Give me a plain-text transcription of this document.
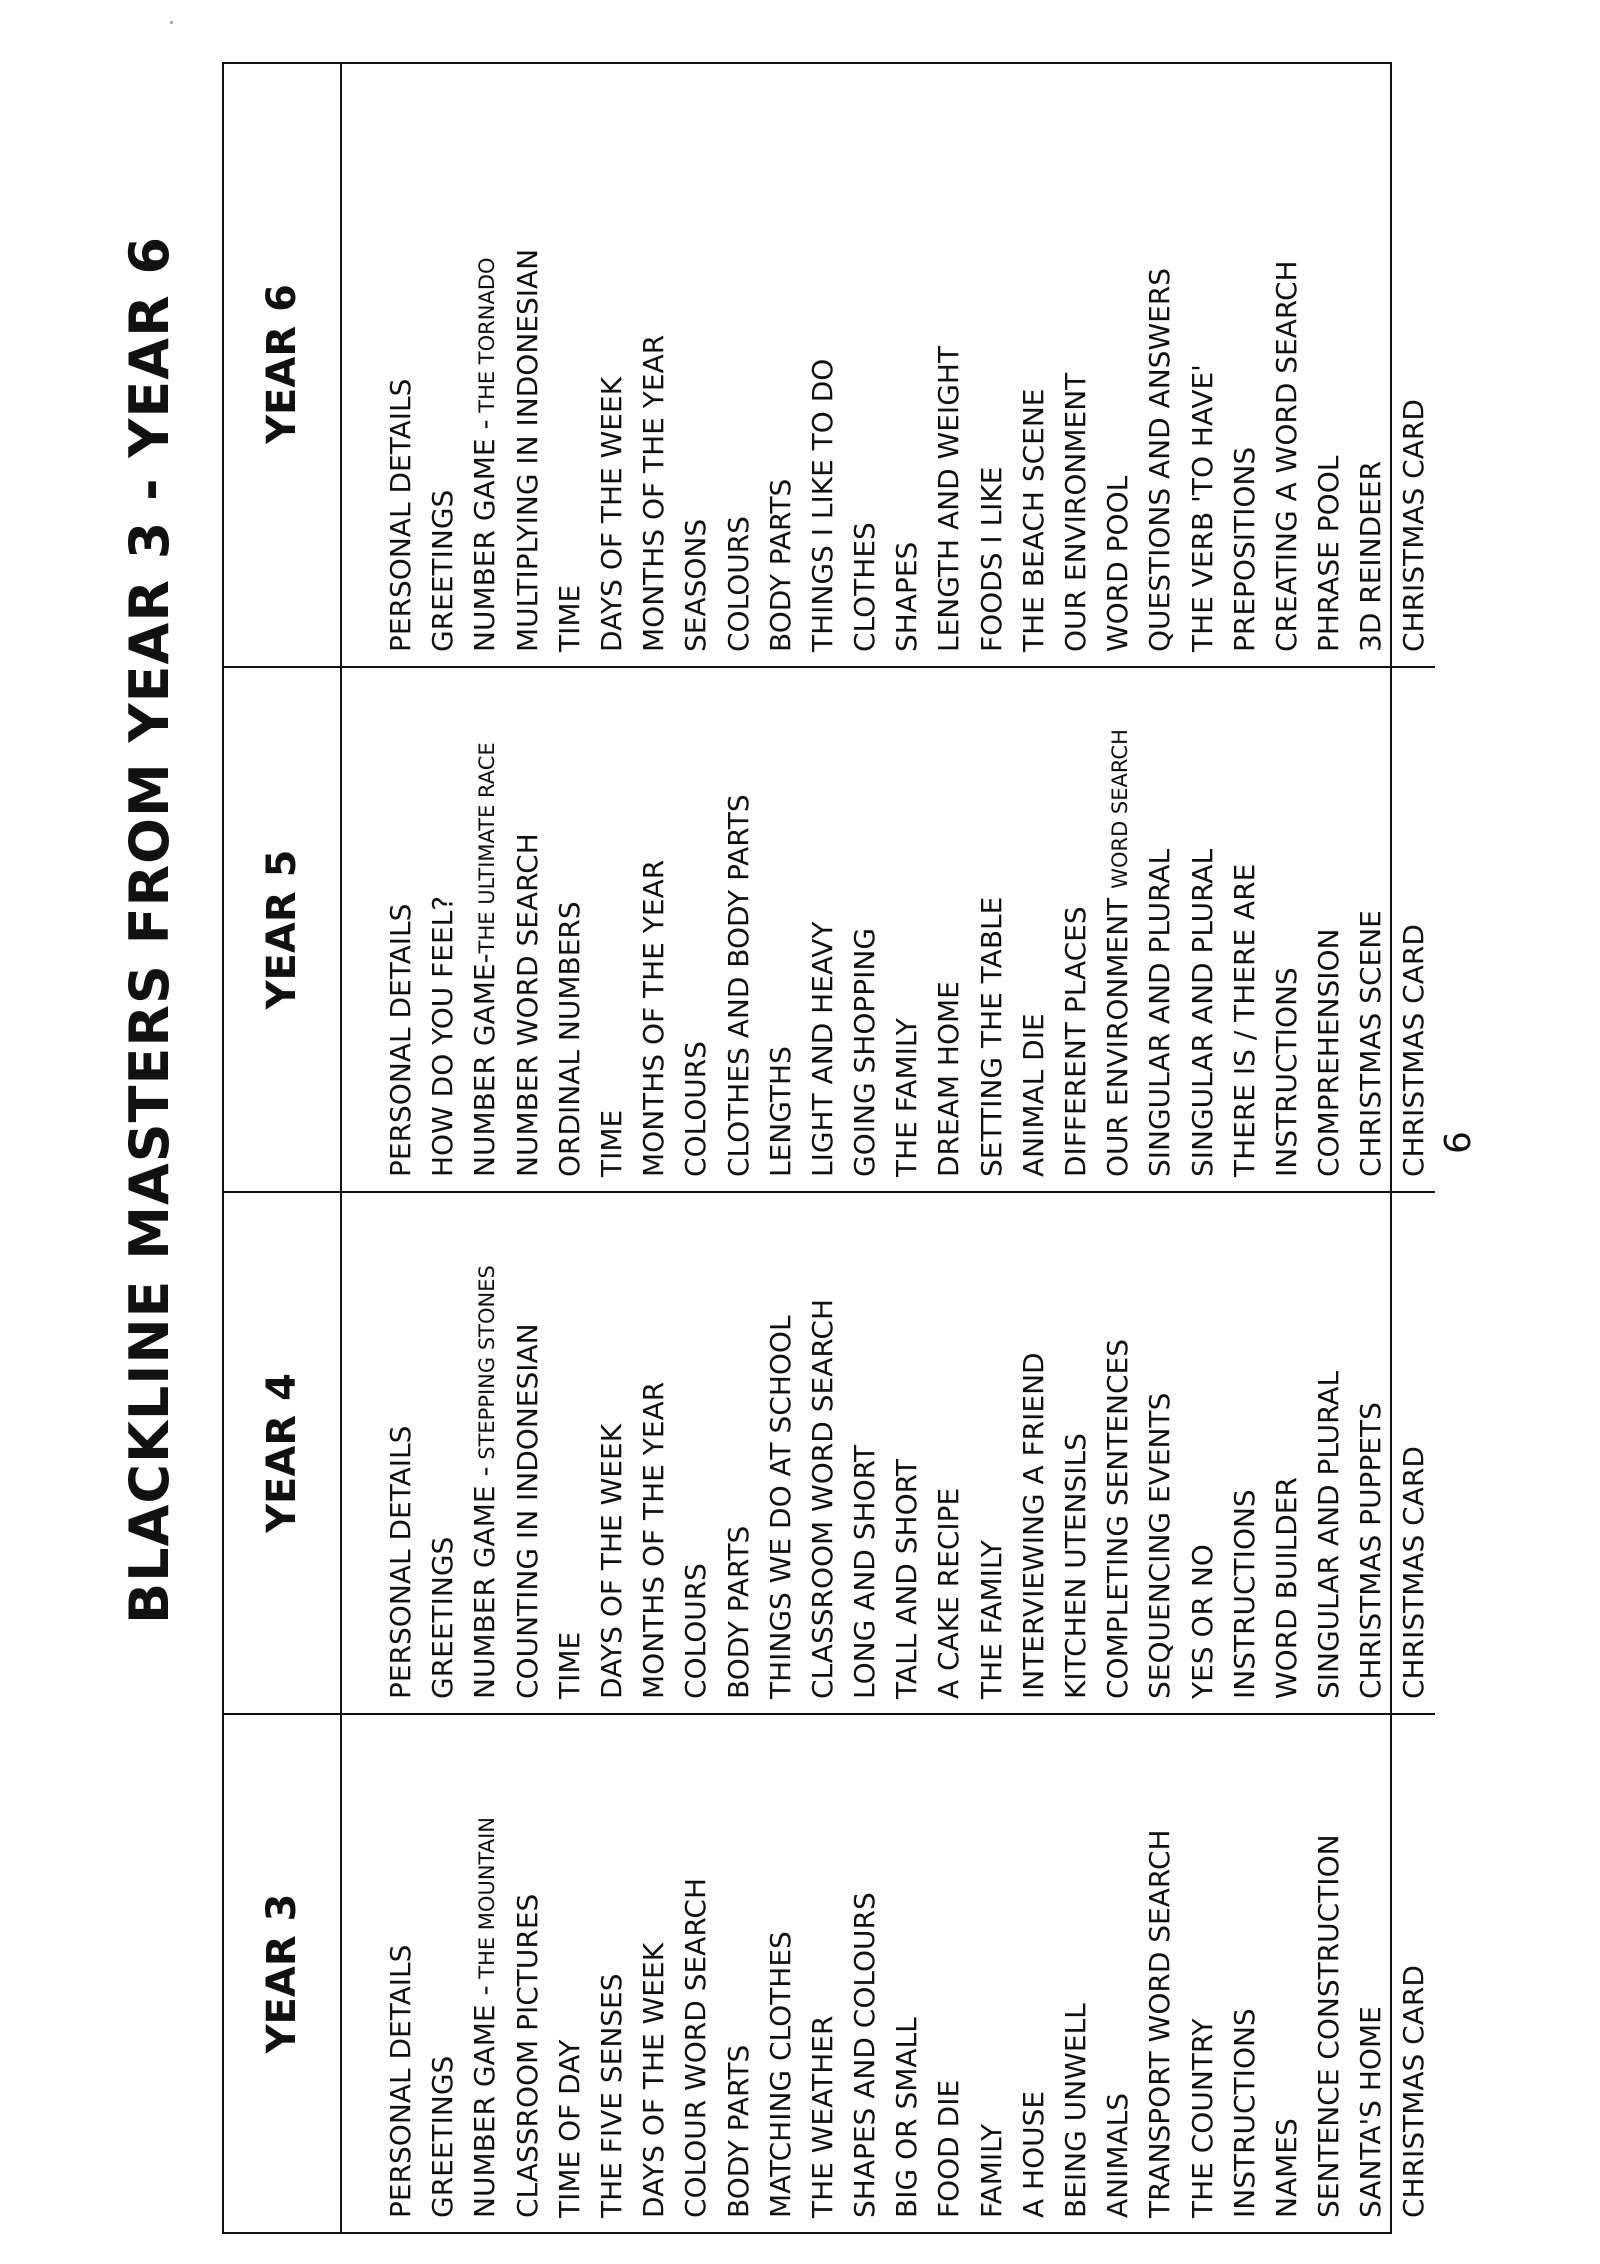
BLACKLINE MASTERS FROM YEAR 3 - YEAR 6
YEAR 3
YEAR 4
YEAR 5
YEAR 6
PERSONAL DETAILS GREETINGS NUMBER GAME - THE MOUNTAIN CLASSROOM PICTURES TIME OF DAY THE FIVE SENSES DAYS OF THE WEEK COLOUR WORD SEARCH BODY PARTS MATCHING CLOTHES THE WEATHER SHAPES AND COLOURS BIG OR SMALL FOOD DIE FAMILY A HOUSE BEING UNWELL ANIMALS TRANSPORT WORD SEARCH THE COUNTRY INSTRUCTIONS NAMES SENTENCE CONSTRUCTION SANTA'S HOME CHRISTMAS CARD
PERSONAL DETAILS GREETINGS NUMBER GAME - STEPPING STONES COUNTING IN INDONESIAN TIME DAYS OF THE WEEK MONTHS OF THE YEAR COLOURS BODY PARTS THINGS WE DO AT SCHOOL CLASSROOM WORD SEARCH LONG AND SHORT TALL AND SHORT A CAKE RECIPE THE FAMILY INTERVIEWING A FRIEND KITCHEN UTENSILS COMPLETING SENTENCES SEQUENCING EVENTS YES OR NO INSTRUCTIONS WORD BUILDER SINGULAR AND PLURAL CHRISTMAS PUPPETS CHRISTMAS CARD
PERSONAL DETAILS HOW DO YOU FEEL? NUMBER GAME-THE ULTIMATE RACE NUMBER WORD SEARCH ORDINAL NUMBERS TIME MONTHS OF THE YEAR COLOURS CLOTHES AND BODY PARTS LENGTHS LIGHT AND HEAVY GOING SHOPPING THE FAMILY DREAM HOME SETTING THE TABLE ANIMAL DIE DIFFERENT PLACES OUR ENVIRONMENT WORD SEARCH
SINGULAR AND PLURAL SINGULAR AND PLURAL THERE IS / THERE ARE INSTRUCTIONS COMPREHENSION CHRISTMAS SCENE CHRISTMAS CARD
PERSONAL DETAILS GREETINGS NUMBER GAME - THE TORNADO MULTIPLYING IN INDONESIAN TIME DAYS OF THE WEEK MONTHS OF THE YEAR SEASONS COLOURS BODY PARTS THINGS I LIKE TO DO CLOTHES SHAPES LENGTH AND WEIGHT FOODS I LIKE THE BEACH SCENE OUR ENVIRONMENT WORD POOL QUESTIONS AND ANSWERS THE VERB 'TO HAVE' PREPOSITIONS CREATING A WORD SEARCH PHRASE POOL 3D REINDEER CHRISTMAS CARD
6
